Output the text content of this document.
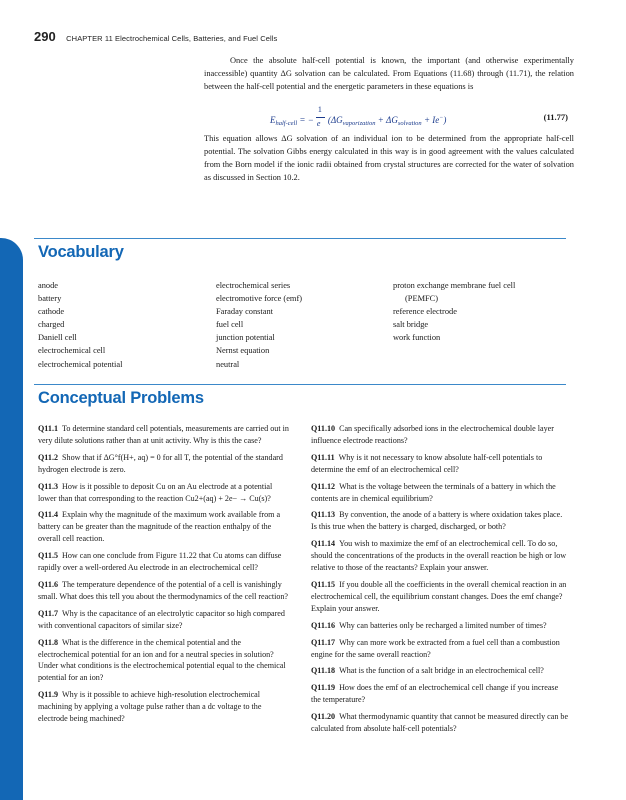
290 CHAPTER 11 Electrochemical Cells, Batteries, and Fuel Cells

Once the absolute half-cell potential is known, the important (and otherwise experimentally inaccessible) quantity ΔG solvation can be calculated. From Equations (11.68) through (11.71), the relation between the half-cell potential and the energetic parameters in these equations is

$E_{half-cell}$ = − $\frac{1}{e} (\Delta G_{vaporization} + \Delta G_{solvation} + Ie^-)$	(11.77)

This equation allows ΔG solvation of an individual ion to be determined from the appropriate half-cell potential. The solvation Gibbs energy calculated in this way is in good agreement with the values calculated from the Born model if the ionic radii obtained from crystal structures are corrected for the water of solvation as discussed in Section 10.2.

Vocabulary
anode
battery
cathode
charged
Daniell cell
electrochemical cell
electrochemical potential
electrochemical series
electromotive force (emf)
Faraday constant
fuel cell
junction potential
Nernst equation
neutral
proton exchange membrane fuel cell
(PEMFC)
reference electrode
salt bridge
work function
Conceptual Problems
Q11.1 To determine standard cell potentials, measurements are carried out in very dilute solutions rather than at unit activity. Why is this the case?
Q11.2 Show that if ΔG°f(H+, aq) = 0 for all T, the potential of the standard hydrogen electrode is zero.
Q11.3 How is it possible to deposit Cu on an Au electrode at a potential lower than that corresponding to the reaction Cu2+(aq) + 2e− → Cu(s)?
Q11.4 Explain why the magnitude of the maximum work available from a battery can be greater than the magnitude of the reaction enthalpy of the overall cell reaction.
Q11.5 How can one conclude from Figure 11.22 that Cu atoms can diffuse rapidly over a well-ordered Au electrode in an electrochemical cell?
Q11.6 The temperature dependence of the potential of a cell is vanishingly small. What does this tell you about the thermodynamics of the cell reaction?
Q11.7 Why is the capacitance of an electrolytic capacitor so high compared with conventional capacitors of similar size?
Q11.8 What is the difference in the chemical potential and the electrochemical potential for an ion and for a neutral species in solution? Under what conditions is the electrochemical potential equal to the chemical potential for an ion?
Q11.9 Why is it possible to achieve high-resolution electrochemical machining by applying a voltage pulse rather than a dc voltage to the electrode being machined?
Q11.10 Can specifically adsorbed ions in the electrochemical double layer influence electrode reactions?
Q11.11 Why is it not necessary to know absolute half-cell potentials to determine the emf of an electrochemical cell?
Q11.12 What is the voltage between the terminals of a battery in which the contents are in chemical equilibrium?
Q11.13 By convention, the anode of a battery is where oxidation takes place. Is this true when the battery is charged, discharged, or both?
Q11.14 You wish to maximize the emf of an electrochemical cell. To do so, should the concentrations of the products in the overall reaction be high or low relative to those of the reactants? Explain your answer.
Q11.15 If you double all the coefficients in the overall chemical reaction in an electrochemical cell, the equilibrium constant changes. Does the emf change? Explain your answer.
Q11.16 Why can batteries only be recharged a limited number of times?
Q11.17 Why can more work be extracted from a fuel cell than a combustion engine for the same overall reaction?
Q11.18 What is the function of a salt bridge in an electrochemical cell?
Q11.19 How does the emf of an electrochemical cell change if you increase the temperature?
Q11.20 What thermodynamic quantity that cannot be measured directly can be calculated from absolute half-cell potentials?
